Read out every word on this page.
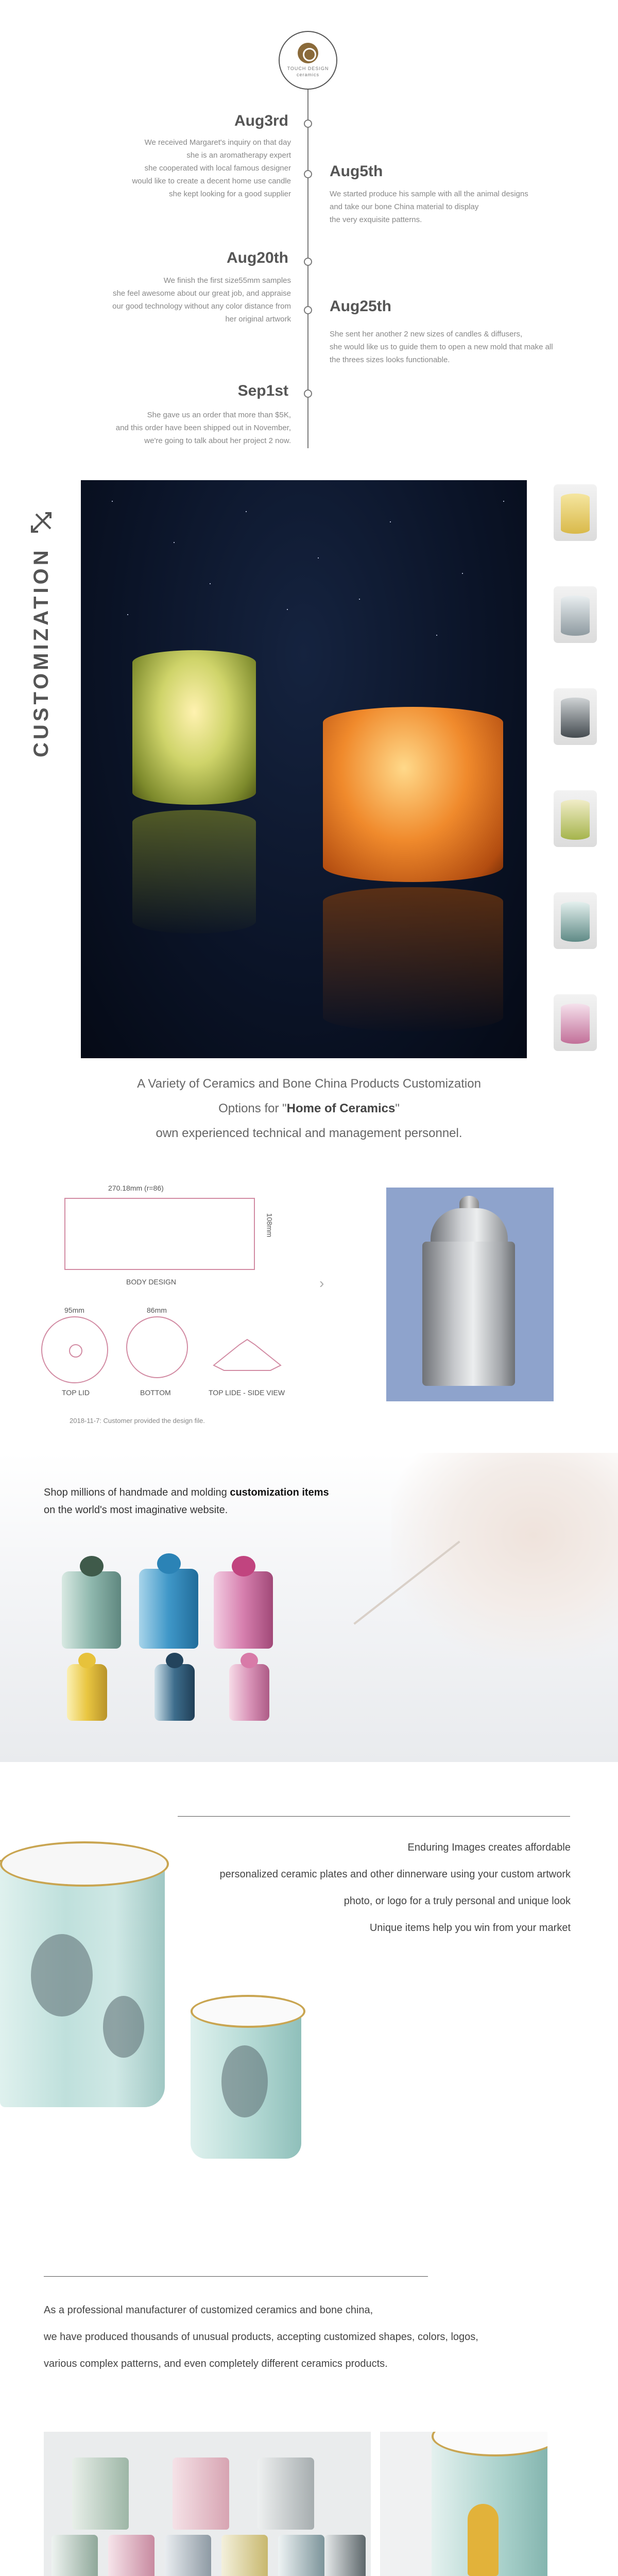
TOUCH DESIGN
ceramics
Aug3rd
We received Margaret's inquiry on that day
she is an aromatherapy expert
she cooperated with local famous designer
would like to create a decent home use candle
she kept looking for a good supplier
Aug5th
We started produce his sample with all the animal designs
and take our bone China material to display
the very exquisite patterns.
Aug20th
We finish the first size55mm samples
she feel awesome about our great job, and appraise
our good technology without any color distance from
her original artwork
Aug25th
She sent her another 2 new sizes of candles & diffusers,
she would like us to guide them to open a new mold that make all
the threes sizes looks functionable.
Sep1st
She gave us an order that more than $5K,
and this order have been shipped out in November,
we're going to talk about her project 2 now.
CUSTOMIZATION
A Variety of Ceramics and Bone China Products Customization
Options for "Home of Ceramics"
own experienced technical and management personnel.
270.18mm (r=86)
108mm
BODY DESIGN
95mm	86mm
TOP LID	BOTTOM	TOP LIDE - SIDE VIEW
2018-11-7: Customer provided the design file.
›
Shop millions of handmade and molding customization items
on the world's most imaginative website.
Enduring Images creates affordable
personalized ceramic plates and other dinnerware using your custom artwork
photo, or logo for a truly personal and unique look
Unique items help you win from your market
As a professional manufacturer of customized ceramics and bone china,
we have produced thousands of unusual products, accepting customized shapes, colors, logos,
various complex patterns, and even completely different ceramics products.
